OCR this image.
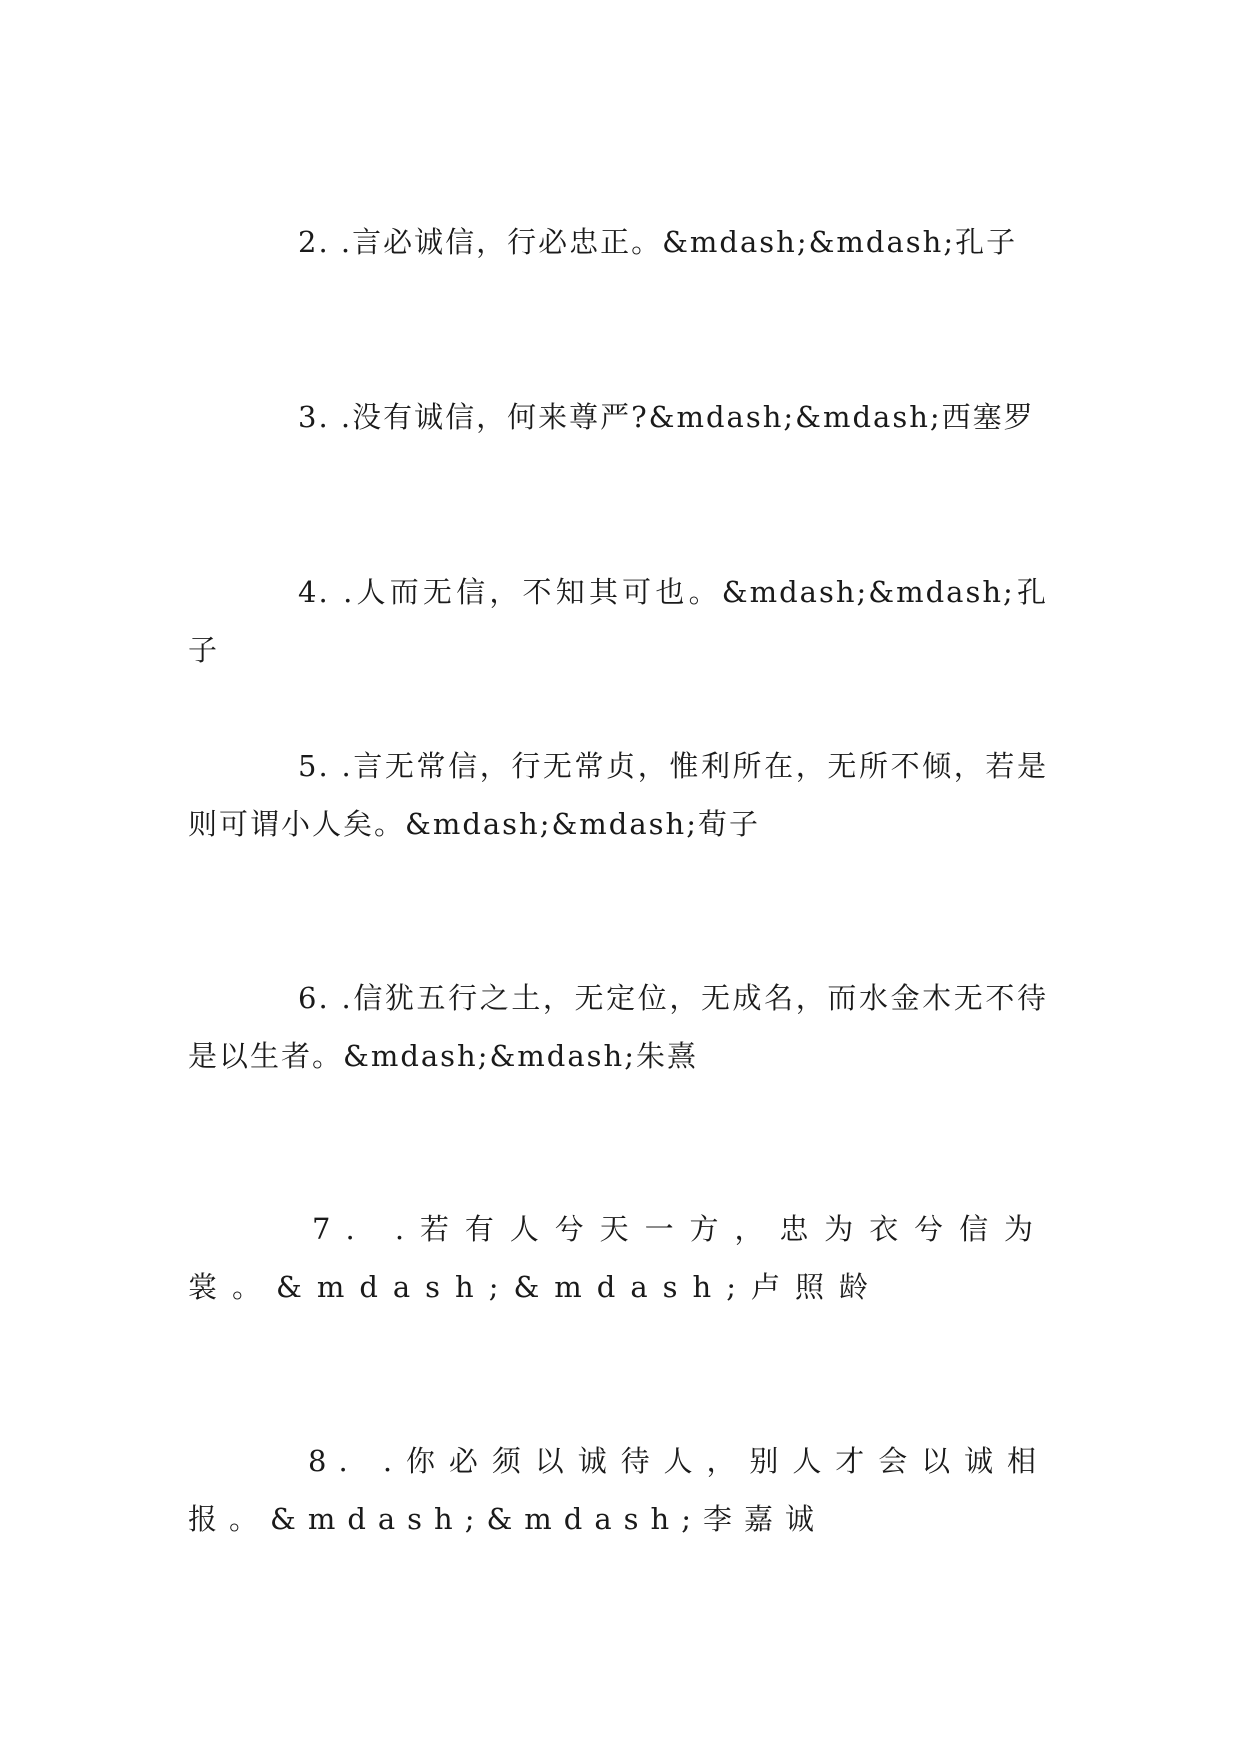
2. .言必诚信，行必忠正。&mdash;&mdash;孔子

3. .没有诚信，何来尊严?&mdash;&mdash;西塞罗

4. .人而无信，不知其可也。&mdash;&mdash;孔子

5. .言无常信，行无常贞，惟利所在，无所不倾，若是则可谓小人矣。&mdash;&mdash;荀子

6. .信犹五行之土，无定位，无成名，而水金木无不待是以生者。&mdash;&mdash;朱熹

7. .若有人兮天一方，忠为衣兮信为裳。&mdash;&mdash;卢照龄

8. .你必须以诚待人，别人才会以诚相报。&mdash;&mdash;李嘉诚
